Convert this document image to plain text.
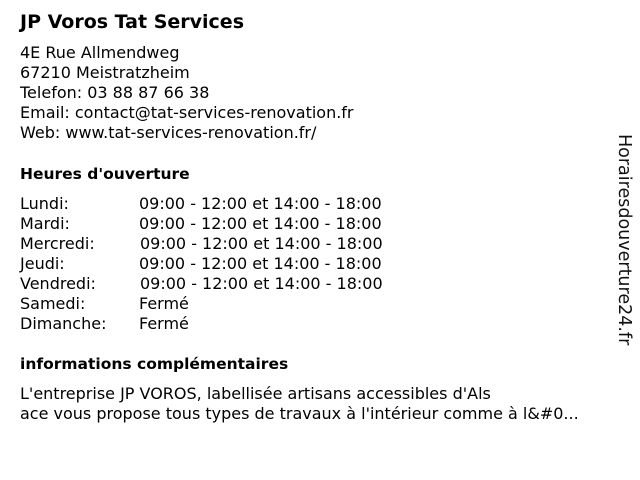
JP Voros Tat Services
4E Rue Allmendweg
67210 Meistratzheim
Telefon: 03 88 87 66 38
Email: contact@tat-services-renovation.fr
Web: www.tat-services-renovation.fr/
Heures d'ouverture
Lundi:	09:00 - 12:00 et 14:00 - 18:00
Mardi:	09:00 - 12:00 et 14:00 - 18:00
Mercredi:	09:00 - 12:00 et 14:00 - 18:00
Jeudi:	09:00 - 12:00 et 14:00 - 18:00
Vendredi:	09:00 - 12:00 et 14:00 - 18:00
Samedi:	Fermé
Dimanche: Fermé
informations complémentaires
L'entreprise JP VOROS, labellisée artisans accessibles d'Als
ace vous propose tous types de travaux à l'intérieur comme à l&#0...
Horairesdouverture24.fr
